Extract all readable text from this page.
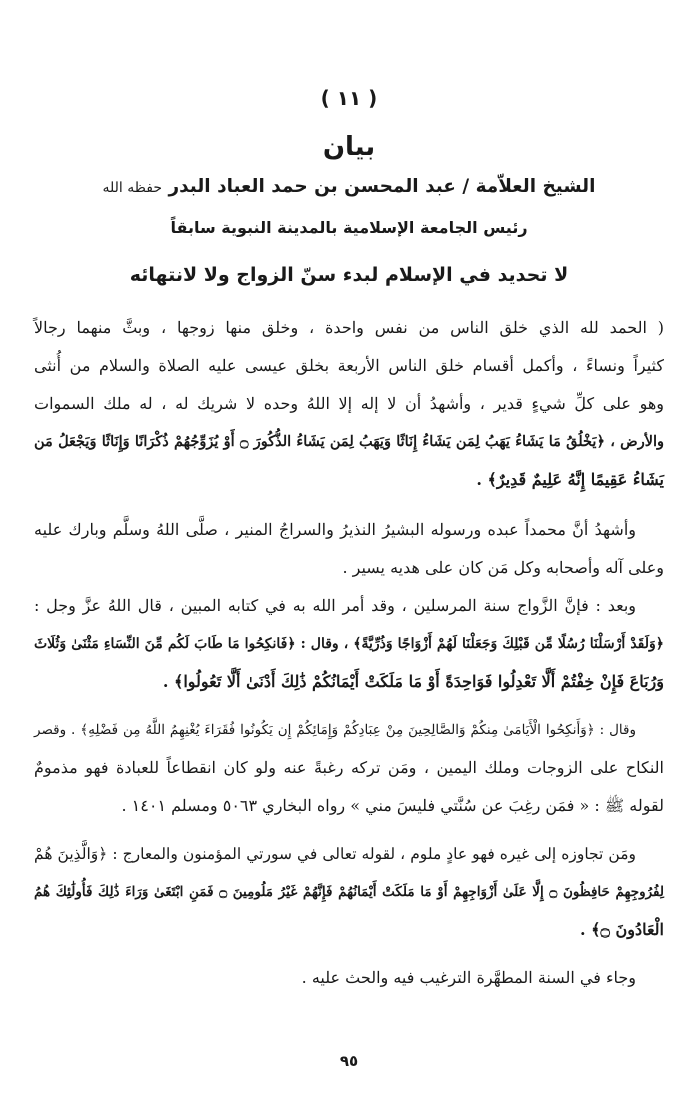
( ١١ )
بيان
الشيخ العلاّمة / عبد المحسن بن حمد العباد البدر حفظه الله
رئيس الجامعة الإسلامية بالمدينة النبوية سابقاً
لا تحديد في الإسلام لبدء سنّ الزواج ولا لانتهائه
( الحمد لله الذي خلق الناس من نفس واحدة ، وخلق منها زوجها ، وبثَّ منهما رجالاً
كثيراً ونساءً ، وأكمل أقسام خلق الناس الأربعة بخلق عيسى عليه الصلاة والسلام من أُنثى
وهو على كلِّ شيءٍ قدير ، وأشهدُ أن لا إله إلا اللهُ وحده لا شريك له ، له ملك السموات
والأرض ، ﴿يَخْلُقُ مَا يَشَاءُ يَهَبُ لِمَن يَشَاءُ إِنَاثًا وَيَهَبُ لِمَن يَشَاءُ الذُّكُورَ ۝ أَوْ يُزَوِّجُهُمْ ذُكْرَانًا وَإِنَاثًا وَيَجْعَلُ مَن
يَشَاءُ عَقِيمًا إِنَّهُ عَلِيمٌ قَدِيرٌ﴾ .
وأشهدُ أنَّ محمداً عبده ورسوله البشيرُ النذيرُ والسراجُ المنير ، صلَّى اللهُ وسلَّم وبارك عليه
وعلى آله وأصحابه وكل مَن كان على هديه يسير .
وبعد : فإنَّ الزَّواج سنة المرسلين ، وقد أمر الله به في كتابه المبين ، قال اللهُ عزَّ وجل :
﴿وَلَقَدْ أَرْسَلْنَا رُسُلًا مِّن قَبْلِكَ وَجَعَلْنَا لَهُمْ أَزْوَاجًا وَذُرِّيَّةً﴾ ، وقال : ﴿فَانكِحُوا مَا طَابَ لَكُم مِّنَ النِّسَاءِ مَثْنَىٰ وَثُلَاثَ
وَرُبَاعَ فَإِنْ خِفْتُمْ أَلَّا تَعْدِلُوا فَوَاحِدَةً أَوْ مَا مَلَكَتْ أَيْمَانُكُمْ ذَٰلِكَ أَدْنَىٰ أَلَّا تَعُولُوا﴾ .
وقال : ﴿وَأَنكِحُوا الْأَيَامَىٰ مِنكُمْ وَالصَّالِحِينَ مِنْ عِبَادِكُمْ وَإِمَائِكُمْ إِن يَكُونُوا فُقَرَاءَ يُغْنِهِمُ اللَّهُ مِن فَضْلِهِ﴾ . وقصر
النكاح على الزوجات وملك اليمين ، ومَن تركه رغبةً عنه ولو كان انقطاعاً للعبادة فهو مذمومٌ
لقوله ﷺ : « فمَن رغِبَ عن سُنَّتي فليسَ مني » رواه البخاري ٥٠٦٣ ومسلم ١٤٠١ .
ومَن تجاوزه إلى غيره فهو عادٍ ملوم ، لقوله تعالى في سورتي المؤمنون والمعارج : ﴿وَالَّذِينَ هُمْ
لِفُرُوجِهِمْ حَافِظُونَ ۝ إِلَّا عَلَىٰ أَزْوَاجِهِمْ أَوْ مَا مَلَكَتْ أَيْمَانُهُمْ فَإِنَّهُمْ غَيْرُ مَلُومِينَ ۝ فَمَنِ ابْتَغَىٰ وَرَاءَ ذَٰلِكَ فَأُولَٰئِكَ هُمُ
الْعَادُونَ ۝﴾ .
وجاء في السنة المطهَّرة الترغيب فيه والحث عليه .
٩٥
